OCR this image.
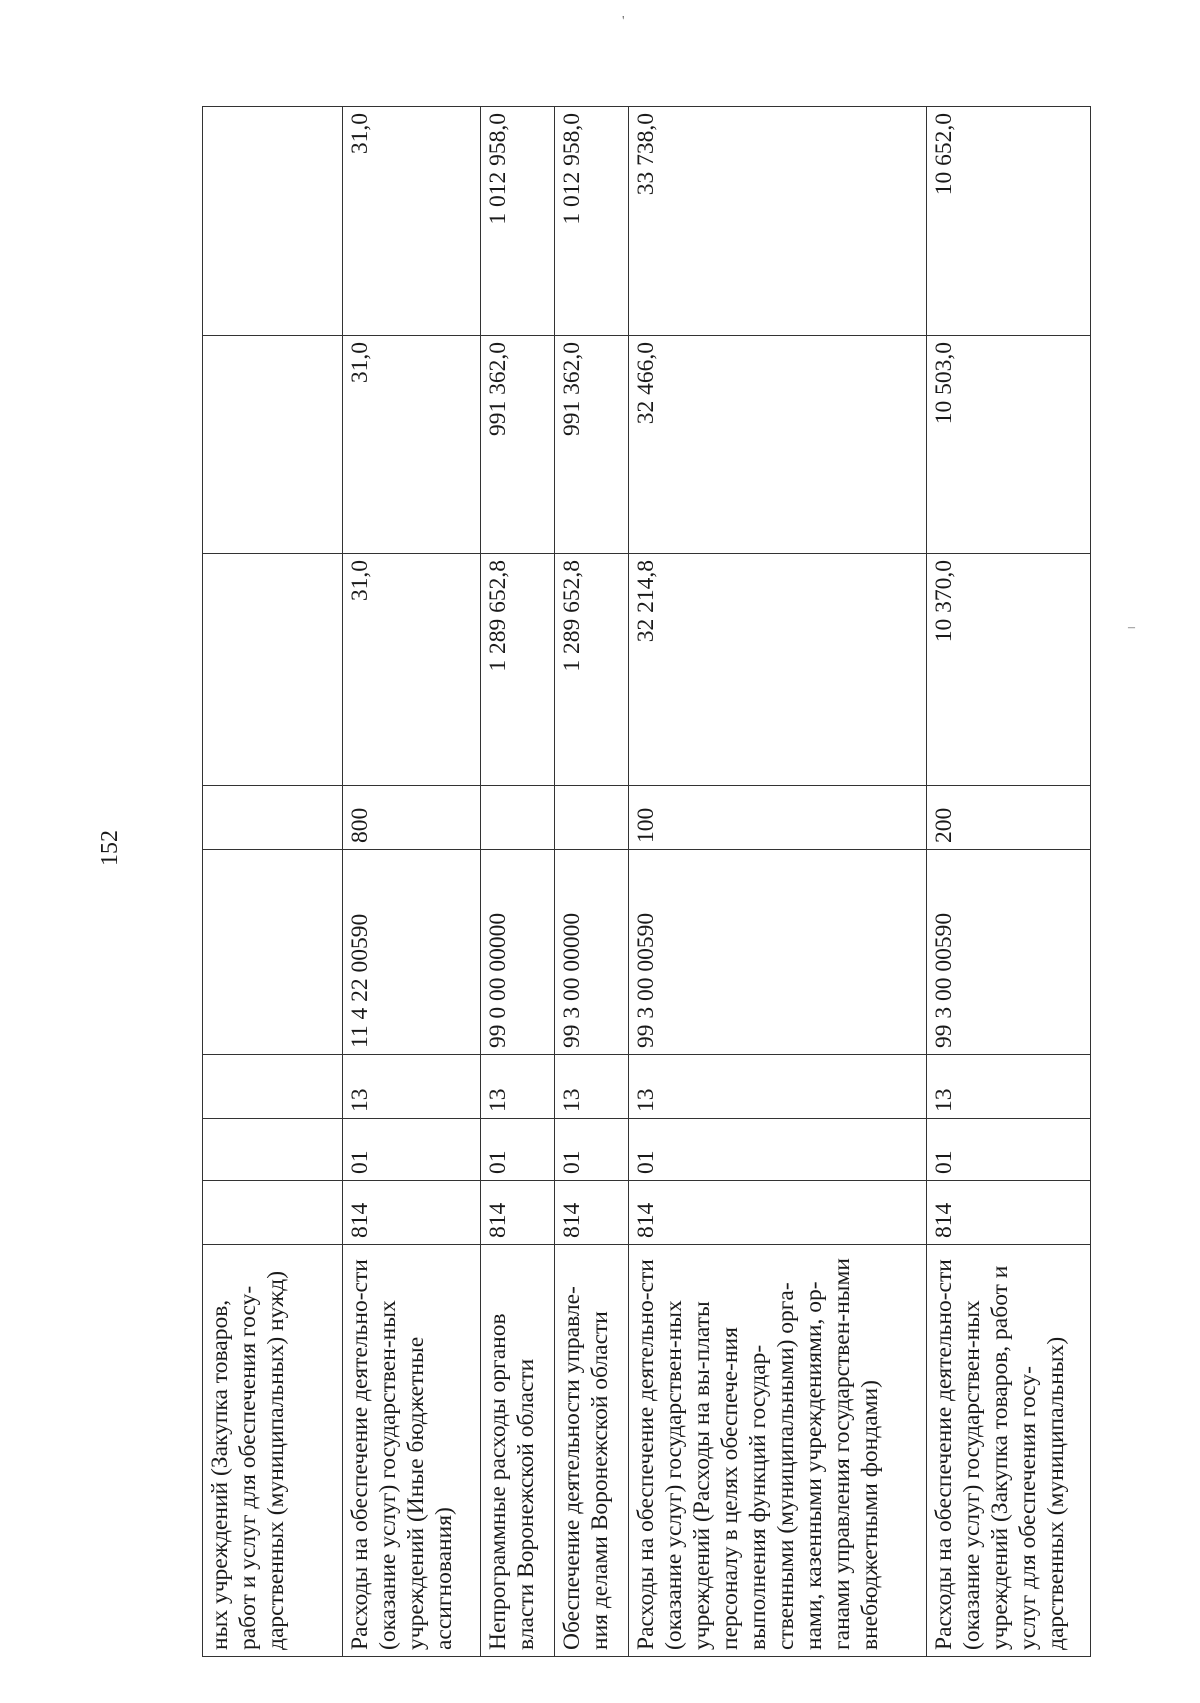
152
ных учреждений (Закупка товаров, работ и услуг для обеспечения госу-дарственных (муниципальных) нужд)								
Расходы на обеспечение деятельно-сти (оказание услуг) государствен-ных учреждений (Иные бюджетные ассигнования)	814	01	13	11 4 22 00590	800	31,0	31,0	31,0
Непрограммные расходы органов власти Воронежской области	814	01	13	99 0 00 00000		1 289 652,8	991 362,0	1 012 958,0
Обеспечение деятельности управле-ния делами Воронежской области	814	01	13	99 3 00 00000		1 289 652,8	991 362,0	1 012 958,0
Расходы на обеспечение деятельно-сти (оказание услуг) государствен-ных учреждений (Расходы на вы-платы персоналу в целях обеспече-ния выполнения функций государ-ственными (муниципальными) орга-нами, казенными учреждениями, ор-ганами управления государствен-ными внебюджетными фондами)	814	01	13	99 3 00 00590	100	32 214,8	32 466,0	33 738,0
Расходы на обеспечение деятельно-сти (оказание услуг) государствен-ных учреждений (Закупка товаров, работ и услуг для обеспечения госу-дарственных (муниципальных)	814	01	13	99 3 00 00590	200	10 370,0	10 503,0	10 652,0
–
'
